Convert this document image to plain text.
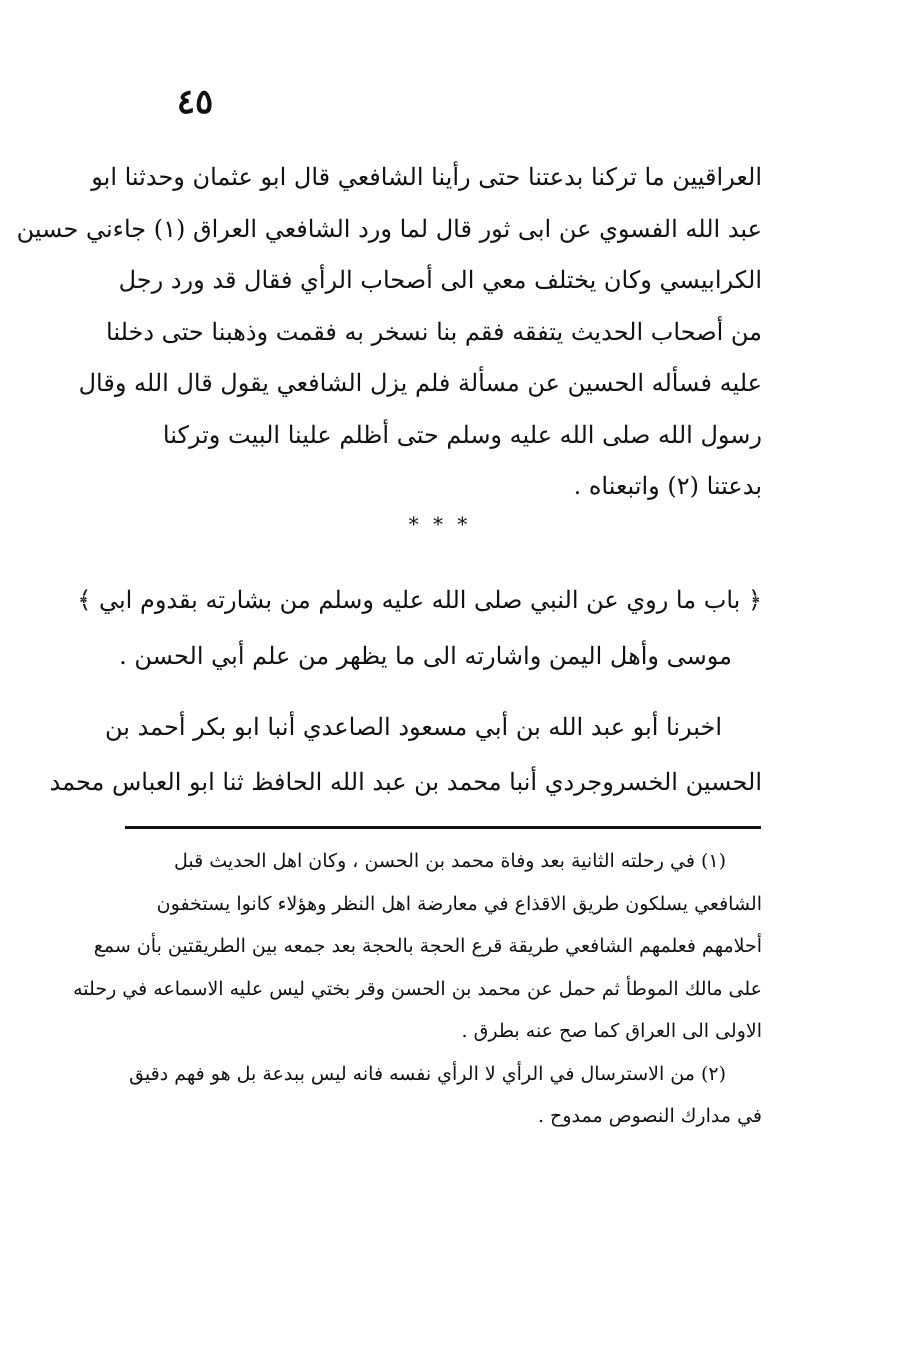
٤٥
العراقيين ما تركنا بدعتنا حتى رأينا الشافعي قال ابو عثمان وحدثنا ابو
عبد الله الفسوي عن ابى ثور قال لما ورد الشافعي العراق (١) جاءني حسين
الكرابيسي وكان يختلف معي الى أصحاب الرأي فقال قد ورد رجل
من أصحاب الحديث يتفقه فقم بنا نسخر به فقمت وذهبنا حتى دخلنا
عليه فسأله الحسين عن مسألة فلم يزل الشافعي يقول قال الله وقال
رسول الله صلى الله عليه وسلم حتى أظلم علينا البيت وتركنا
بدعتنا (٢) واتبعناه .
* * *
﴿ باب ما روي عن النبي صلى الله عليه وسلم من بشارته بقدوم ابي ﴾
موسى وأهل اليمن واشارته الى ما يظهر من علم أبي الحسن .
اخبرنا أبو عبد الله بن أبي مسعود الصاعدي أنبا ابو بكر أحمد بن
الحسين الخسروجردي أنبا محمد بن عبد الله الحافظ ثنا ابو العباس محمد
(١) في رحلته الثانية بعد وفاة محمد بن الحسن ، وكان اهل الحديث قبل
الشافعي يسلكون طريق الاقذاع في معارضة اهل النظر وهؤلاء كانوا يستخفون
أحلامهم فعلمهم الشافعي طريقة قرع الحجة بالحجة بعد جمعه بين الطريقتين بأن سمع
على مالك الموطأ ثم حمل عن محمد بن الحسن وقر بختي ليس عليه الاسماعه في رحلته
الاولى الى العراق كما صح عنه بطرق .
(٢) من الاسترسال في الرأي لا الرأي نفسه فانه ليس ببدعة بل هو فهم دقيق
في مدارك النصوص ممدوح .
